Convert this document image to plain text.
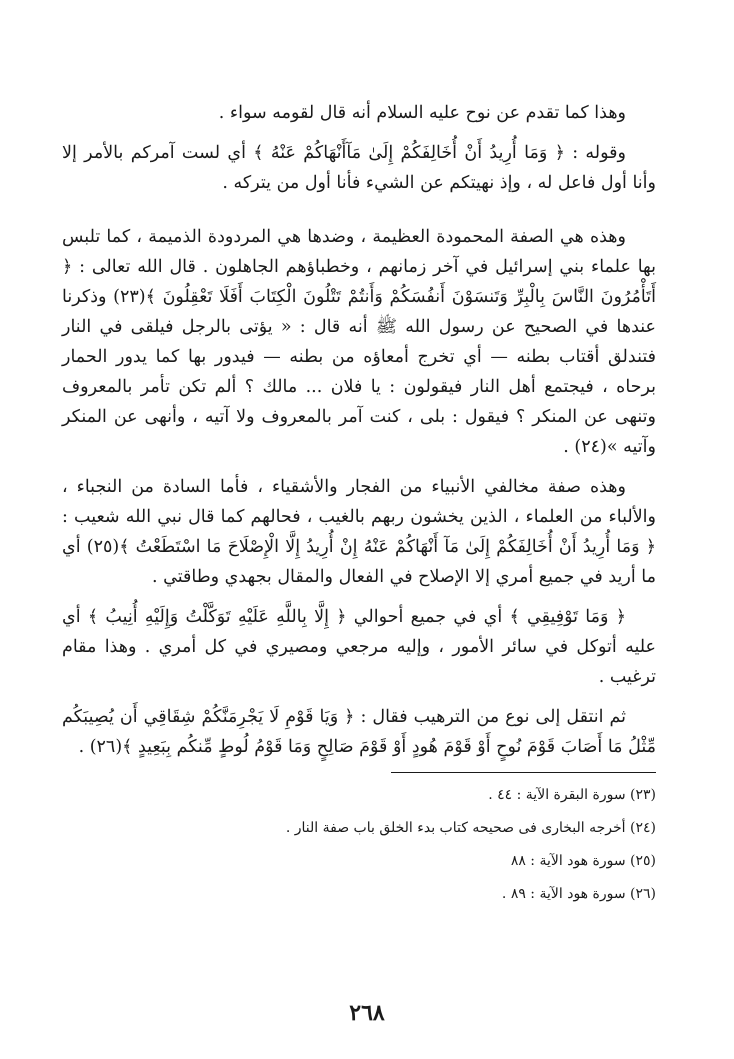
وهذا كما تقدم عن نوح عليه السلام أنه قال لقومه سواء .

وقوله : ﴿ وَمَا أُرِيدُ أَنْ أُخَالِفَكُمْ إِلَىٰ مَآأَنْهَاكُمْ عَنْهُ ﴾ أي لست آمركم بالأمر إلا وأنا أول فاعل له ، وإذ نهيتكم عن الشيء فأنا أول من يتركه .

وهذه هي الصفة المحمودة العظيمة ، وضدها هي المردودة الذميمة ، كما تلبس بها علماء بني إسرائيل في آخر زمانهم ، وخطباؤهم الجاهلون . قال الله تعالى : ﴿ أَتَأْمُرُونَ النَّاسَ بِالْبِرِّ وَتَنسَوْنَ أَنفُسَكُمْ وَأَنتُمْ تَتْلُونَ الْكِتَابَ أَفَلَا تَعْقِلُونَ ﴾(٢٣) وذكرنا عندها في الصحيح عن رسول الله ﷺ أنه قال : « يؤتى بالرجل فيلقى في النار فتندلق أقتاب بطنه — أي تخرج أمعاؤه من بطنه — فيدور بها كما يدور الحمار برحاه ، فيجتمع أهل النار فيقولون : يا فلان ... مالك ؟ ألم تكن تأمر بالمعروف وتنهى عن المنكر ؟ فيقول : بلى ، كنت آمر بالمعروف ولا آتيه ، وأنهى عن المنكر وآتيه »(٢٤) .

وهذه صفة مخالفي الأنبياء من الفجار والأشقياء ، فأما السادة من النجباء ، والألباء من العلماء ، الذين يخشون ربهم بالغيب ، فحالهم كما قال نبي الله شعيب : ﴿ وَمَا أُرِيدُ أَنْ أُخَالِفَكُمْ إِلَىٰ مَآ أَنْهَاكُمْ عَنْهُ إِنْ أُرِيدُ إِلَّا الْإِصْلَاحَ مَا اسْتَطَعْتُ ﴾(٢٥) أي ما أريد في جميع أمري إلا الإصلاح في الفعال والمقال بجهدي وطاقتي .

﴿ وَمَا تَوْفِيقِي ﴾ أي في جميع أحوالي ﴿ إِلَّا بِاللَّهِ عَلَيْهِ تَوَكَّلْتُ وَإِلَيْهِ أُنِيبُ ﴾ أي عليه أتوكل في سائر الأمور ، وإليه مرجعي ومصيري في كل أمري . وهذا مقام ترغيب .

ثم انتقل إلى نوع من الترهيب فقال : ﴿ وَيَا قَوْمِ لَا يَجْرِمَنَّكُمْ شِقَاقِي أَن يُصِيبَكُم مِّثْلُ مَا أَصَابَ قَوْمَ نُوحٍ أَوْ قَوْمَ هُودٍ أَوْ قَوْمَ صَالِحٍ وَمَا قَوْمُ لُوطٍ مِّنكُم بِبَعِيدٍ ﴾(٢٦) .

(٢٣) سورة البقرة الآية : ٤٤ .

(٢٤) أخرجه البخارى فى صحيحه كتاب بدء الخلق باب صفة النار .

(٢٥) سورة هود الآية : ٨٨

(٢٦) سورة هود الآية : ٨٩ .

٢٦٨
